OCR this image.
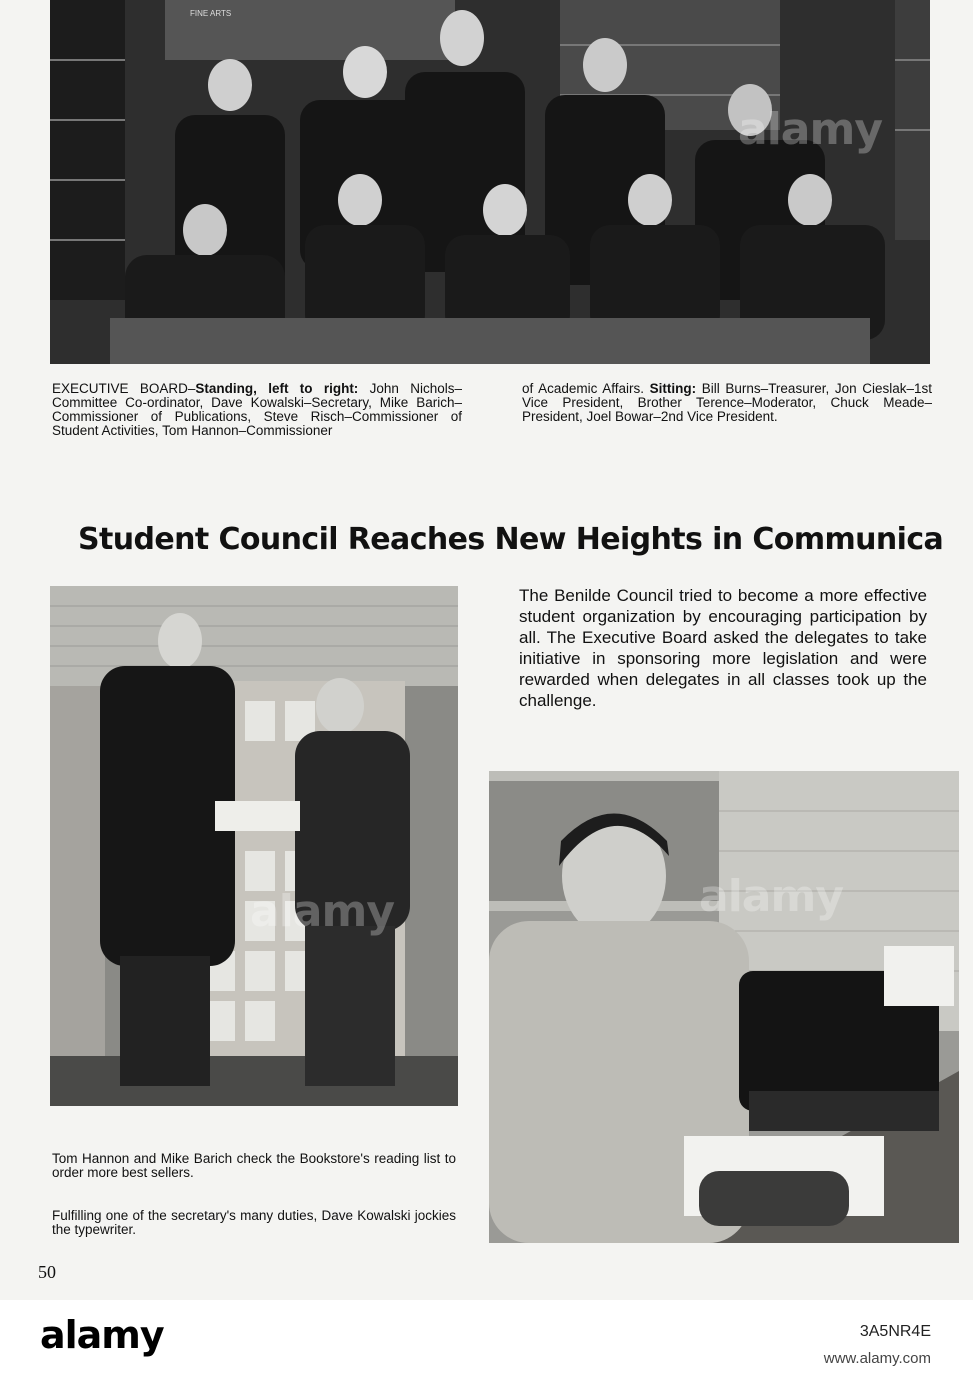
FINE ARTS
alamy
EXECUTIVE BOARD–Standing, left to right: John Nichols–Committee Co-ordinator, Dave Kowalski–Secretary, Mike Barich–Commissioner of Publications, Steve Risch–Commissioner of Student Activities, Tom Hannon–Commissioner
of Academic Affairs. Sitting: Bill Burns–Treasurer, Jon Cieslak–1st Vice President, Brother Terence–Moderator, Chuck Meade–President, Joel Bowar–2nd Vice President.
Student Council Reaches New Heights in Communica
alamy
The Benilde Council tried to become a more effective student organization by encouraging participation by all. The Executive Board asked the delegates to take initiative in sponsoring more legislation and were rewarded when delegates in all classes took up the challenge.
alamy
Tom Hannon and Mike Barich check the Bookstore's reading list to order more best sellers.
Fulfilling one of the secretary's many duties, Dave Kowalski jockies the typewriter.
50
alamy	3A5NR4E
www.alamy.com
